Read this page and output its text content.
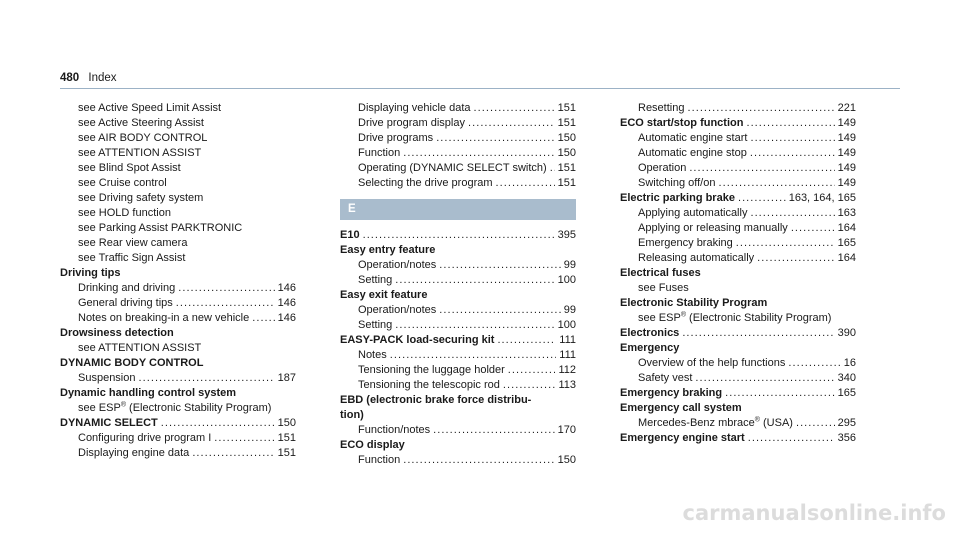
480 Index
see Active Speed Limit Assist
see Active Steering Assist
see AIR BODY CONTROL
see ATTENTION ASSIST
see Blind Spot Assist
see Cruise control
see Driving safety system
see HOLD function
see Parking Assist PARKTRONIC
see Rear view camera
see Traffic Sign Assist
Driving tips
Drinking and driving . . .	146
General driving tips . . .	146
Notes on breaking-in a new vehicle . . .	146
Drowsiness detection
see ATTENTION ASSIST
DYNAMIC BODY CONTROL
Suspension . . .	187
Dynamic handling control system
see ESP® (Electronic Stability Program)
DYNAMIC SELECT . . .	150
Configuring drive program I . . .	151
Displaying engine data . . .	151
Displaying vehicle data . . .	151
Drive program display . . .	151
Drive programs . . .	150
Function . . .	150
Operating (DYNAMIC SELECT switch) . . . 151
Selecting the drive program . . .	151
E
E10 . . .	395
Easy entry feature
Operation/notes . . .	99
Setting . . .	100
Easy exit feature
Operation/notes . . .	99
Setting . . .	100
EASY-PACK load-securing kit . . .	111
Notes . . .	111
Tensioning the luggage holder . . .	112
Tensioning the telescopic rod . . .	113
EBD (electronic brake force distribu-
tion)
Function/notes . . .	170
ECO display
Function . . .	150
Resetting . . .	221
ECO start/stop function . . .	149
Automatic engine start . . .	149
Automatic engine stop . . .	149
Operation . . .	149
Switching off/on . . .	149
Electric parking brake . . .	163, 164, 165
Applying automatically . . .	163
Applying or releasing manually . . .	164
Emergency braking . . .	165
Releasing automatically . . .	164
Electrical fuses
see Fuses
Electronic Stability Program
see ESP® (Electronic Stability Program)
Electronics . . .	390
Emergency
Overview of the help functions . . .	16
Safety vest . . .	340
Emergency braking . . .	165
Emergency call system
Mercedes-Benz mbrace® (USA) . . .	295
Emergency engine start . . .	356
carmanualsonline.info
